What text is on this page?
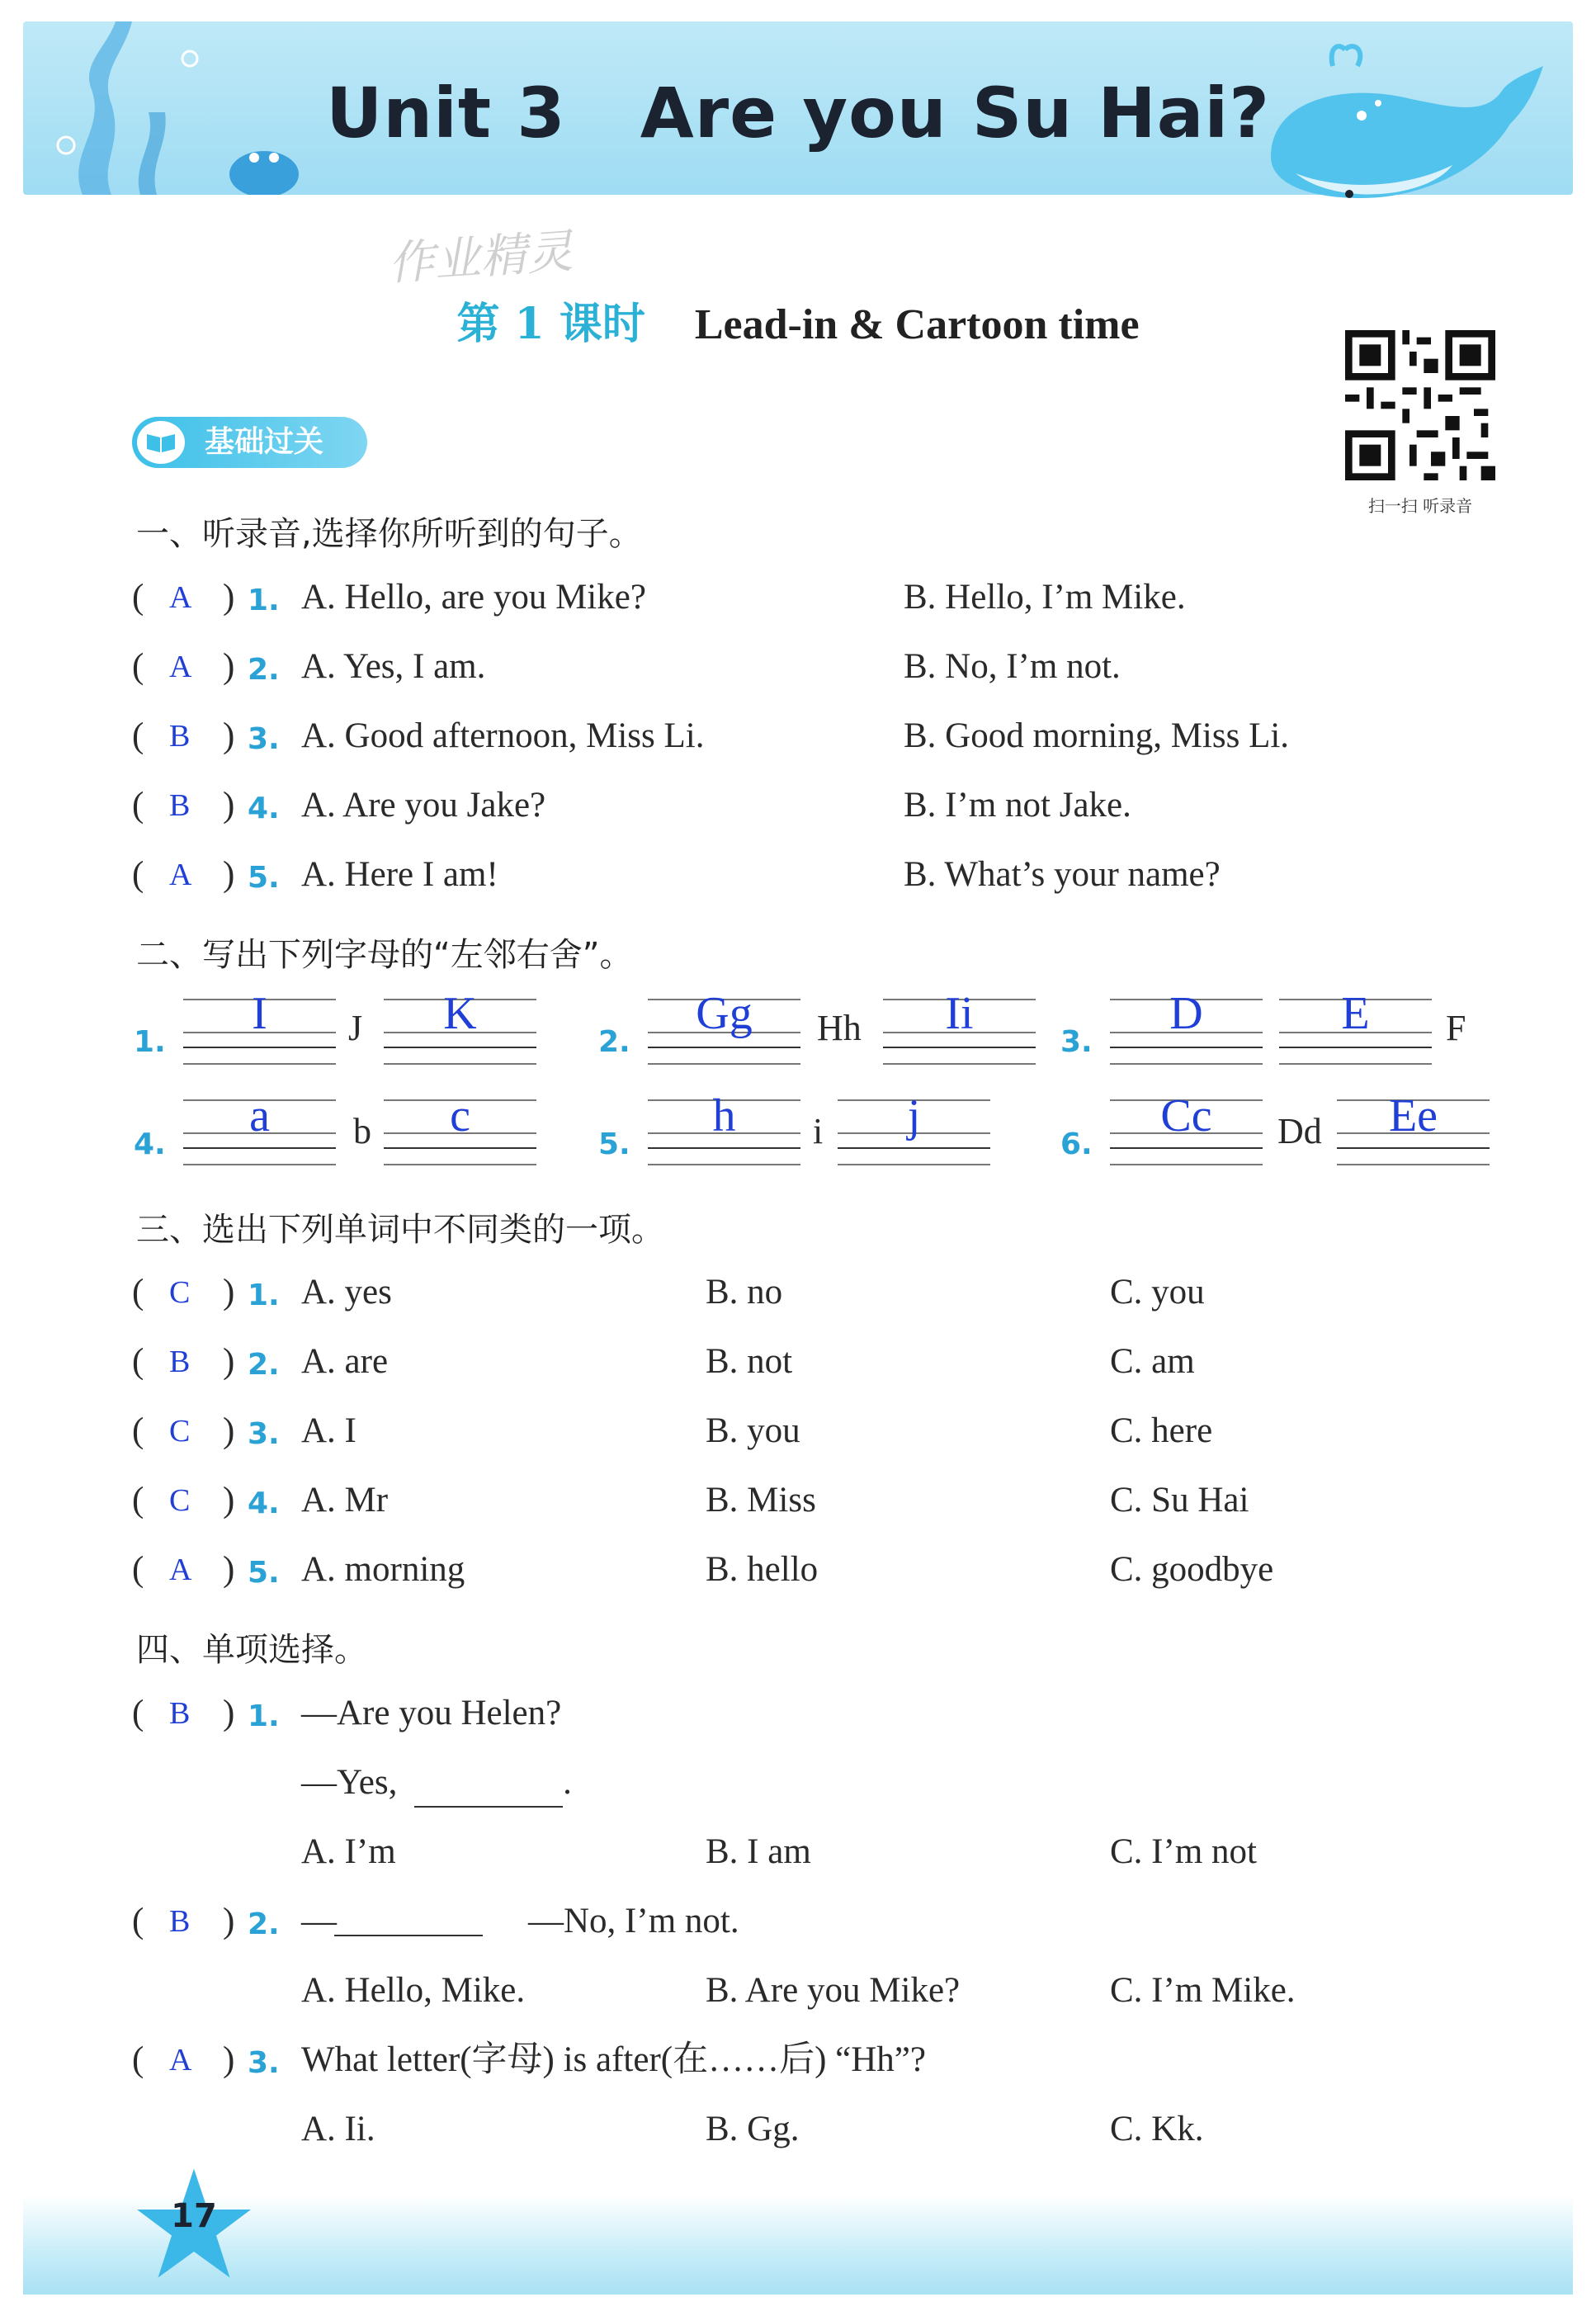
Unit 3 Are you Su Hai?
作业精灵
第 1 课时 Lead-in & Cartoon time
扫一扫 听录音
基础过关
一、听录音,选择你所听到的句子。
( A ) 1. A. Hello, are you Mike?	B. Hello, I’m Mike.
( A ) 2. A. Yes, I am.	B. No, I’m not.
( B ) 3. A. Good afternoon, Miss Li.	B. Good morning, Miss Li.
( B ) 4. A. Are you Jake?	B. I’m not Jake.
( A ) 5. A. Here I am!	B. What’s your name?
二、写出下列字母的“左邻右舍”。
1.
I	J	K
2.
Gg	Hh	Ii
3.
D	E	F
4.
a	b	c
5.
h	i	j
6.
Cc	Dd	Ee
三、选出下列单词中不同类的一项。
( C ) 1. A. yes	B. no	C. you
( B ) 2. A. are	B. not	C. am
( C ) 3. A. I	B. you	C. here
( C ) 4. A. Mr	B. Miss	C. Su Hai
( A ) 5. A. morning	B. hello	C. goodbye
四、单项选择。
( B ) 1. —Are you Helen?
—Yes,	.
A. I’m	B. I am	C. I’m not
( B ) 2. —	—No, I’m not.
A. Hello, Mike.	B. Are you Mike?	C. I’m Mike.
( A ) 3. What letter(字母) is after(在……后) “Hh”?
A. Ii.	B. Gg.	C. Kk.
17
